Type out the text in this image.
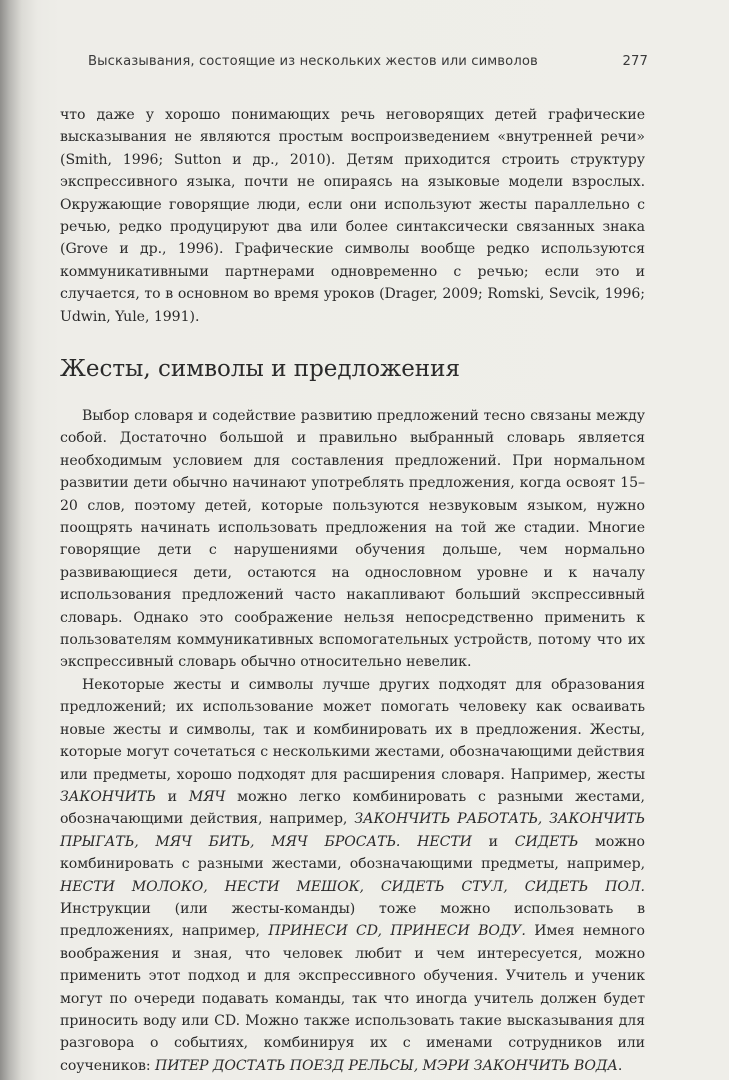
Высказывания, состоящие из нескольких жестов или символов	277

что даже у хорошо понимающих речь неговорящих детей графические высказывания не являются простым воспроизведением «внутренней речи» (Smith, 1996; Sutton и др., 2010). Детям приходится строить структуру экспрессивного языка, почти не опираясь на языковые модели взрослых. Окружающие говорящие люди, если они используют жесты параллельно с речью, редко продуцируют два или более синтаксически связанных знака (Grove и др., 1996). Графические символы вообще редко используются коммуникативными партнерами одновременно с речью; если это и случается, то в основном во время уроков (Drager, 2009; Romski, Sevcik, 1996; Udwin, Yule, 1991).

Жесты, символы и предложения

Выбор словаря и содействие развитию предложений тесно связаны между собой. Достаточно большой и правильно выбранный словарь является необходимым условием для составления предложений. При нормальном развитии дети обычно начинают употреблять предложения, когда освоят 15–20 слов, поэтому детей, которые пользуются незвуковым языком, нужно поощрять начинать использовать предложения на той же стадии. Многие говорящие дети с нарушениями обучения дольше, чем нормально развивающиеся дети, остаются на однословном уровне и к началу использования предложений часто накапливают больший экспрессивный словарь. Однако это соображение нельзя непосредственно применить к пользователям коммуникативных вспомогательных устройств, потому что их экспрессивный словарь обычно относительно невелик.

Некоторые жесты и символы лучше других подходят для образования предложений; их использование может помогать человеку как осваивать новые жесты и символы, так и комбинировать их в предложения. Жесты, которые могут сочетаться с несколькими жестами, обозначающими действия или предметы, хорошо подходят для расширения словаря. Например, жесты ЗАКОНЧИТЬ и МЯЧ можно легко комбинировать с разными жестами, обозначающими действия, например, ЗАКОНЧИТЬ РАБОТАТЬ, ЗАКОНЧИТЬ ПРЫГАТЬ, МЯЧ БИТЬ, МЯЧ БРОСАТЬ. НЕСТИ и СИДЕТЬ можно комбинировать с разными жестами, обозначающими предметы, например, НЕСТИ МОЛОКО, НЕСТИ МЕШОК, СИДЕТЬ СТУЛ, СИДЕТЬ ПОЛ. Инструкции (или жесты-команды) тоже можно использовать в предложениях, например, ПРИНЕСИ CD, ПРИНЕСИ ВОДУ. Имея немного воображения и зная, что человек любит и чем интересуется, можно применить этот подход и для экспрессивного обучения. Учитель и ученик могут по очереди подавать команды, так что иногда учитель должен будет приносить воду или CD. Можно также использовать такие высказывания для разговора о событиях, комбинируя их с именами сотрудников или соучеников: ПИТЕР ДОСТАТЬ ПОЕЗД РЕЛЬСЫ, МЭРИ ЗАКОНЧИТЬ ВОДА.
